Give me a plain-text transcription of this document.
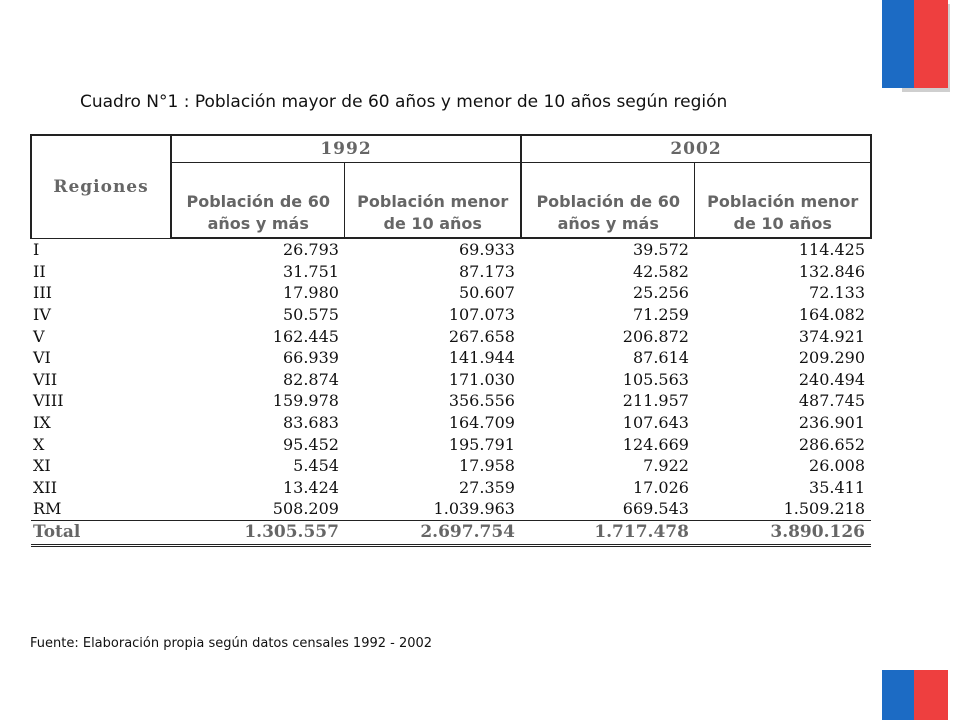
Cuadro N°1 : Población mayor de 60 años y menor de 10 años según región
Regiones	1992		2002	
	Población de 60 años y más	Población menor de 10 años	Población de 60 años y más	Población menor de 10 años
I	26.793	69.933	39.572	114.425
II	31.751	87.173	42.582	132.846
III	17.980	50.607	25.256	72.133
IV	50.575	107.073	71.259	164.082
V	162.445	267.658	206.872	374.921
VI	66.939	141.944	87.614	209.290
VII	82.874	171.030	105.563	240.494
VIII	159.978	356.556	211.957	487.745
IX	83.683	164.709	107.643	236.901
X	95.452	195.791	124.669	286.652
XI	5.454	17.958	7.922	26.008
XII	13.424	27.359	17.026	35.411
RM	508.209	1.039.963	669.543	1.509.218
Total	1.305.557	2.697.754	1.717.478	3.890.126
Fuente: Elaboración propia según datos censales 1992 - 2002
